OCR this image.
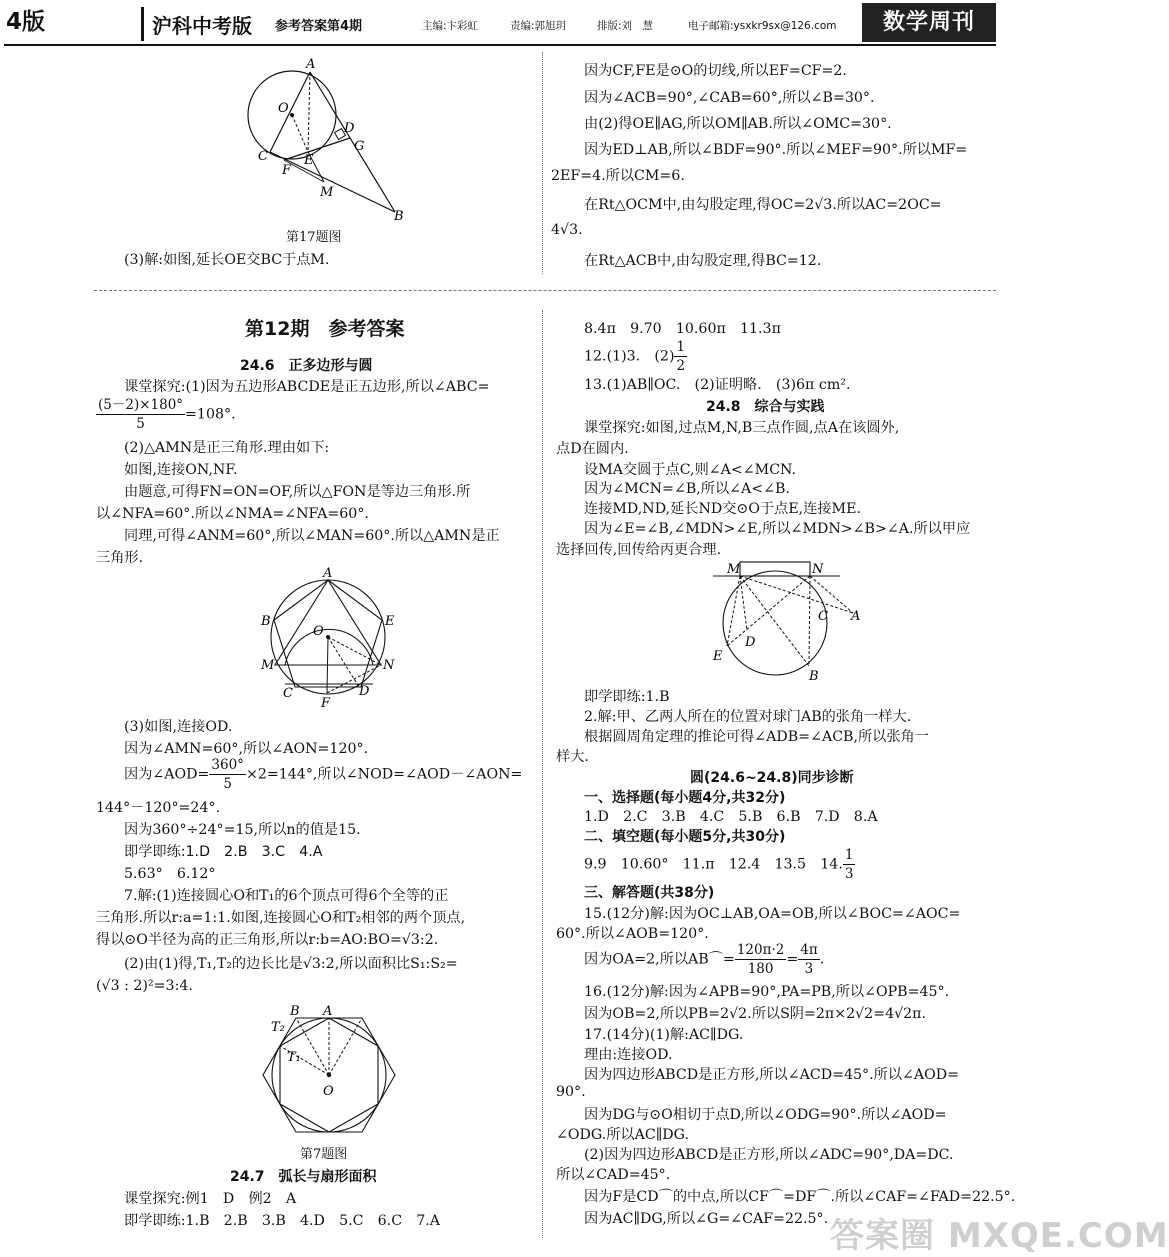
4版	沪科中考版 参考答案第4期	主编:卞彩虹	责编:郭旭玥	排版:刘　慧	电子邮箱:ysxkr9sx@126.com	数学周刊
A
O
D
G
C
F
E
M
B
第17题图
(3)解:如图,延长OE交BC于点M.
因为CF,FE是⊙O的切线,所以EF=CF=2.
因为∠ACB=90°,∠CAB=60°,所以∠B=30°.
由(2)得OE∥AG,所以OM∥AB.所以∠OMC=30°.
因为ED⊥AB,所以∠BDF=90°.所以∠MEF=90°.所以MF=
2EF=4.所以CM=6.
在Rt△OCM中,由勾股定理,得OC=2√3.所以AC=2OC=
4√3.
在Rt△ACB中,由勾股定理,得BC=12.
第12期　参考答案
24.6　正多边形与圆
课堂探究:(1)因为五边形ABCDE是正五边形,所以∠ABC=
$\frac{(5-2)\times 180^\circ}{5} =108^\circ$.
(2)△AMN是正三角形.理由如下:
如图,连接ON,NF.
由题意,可得FN=ON=OF,所以△FON是等边三角形.所
以∠NFA=60°.所以∠NMA=∠NFA=60°.
同理,可得∠ANM=60°,所以∠MAN=60°.所以△AMN是正
三角形.
A
B	E
O
M	N
C
F
D
(3)如图,连接OD.
因为∠AMN=60°,所以∠AON=120°.
因为∠AOD= $\frac{360^\circ}{5} \times 2=144^\circ$,所以∠NOD=∠AOD－∠AON=
144°－120°=24°.
因为360°÷24°=15,所以n的值是15.
即学即练:1.D　2.B　3.C　4.A
5.63°　6.12°
7.解:(1)连接圆心O和T₁的6个顶点可得6个全等的正
三角形.所以r:a=1:1.如图,连接圆心O和T₂相邻的两个顶点,
得以⊙O半径为高的正三角形,所以r:b=AO:BO=√3:2.
(2)由(1)得,T₁,T₂的边长比是√3:2,所以面积比S₁:S₂=
(√3 : 2)²=3:4.
B A
T₂
T₁
O
第7题图
24.7　弧长与扇形面积
课堂探究:例1　D　例2　A
即学即练:1.B　2.B　3.B　4.D　5.C　6.C　7.A
8.4π　9.70　10.60π　11.3π
12.(1)3.　$(2) \frac{1}{2}$
13.(1)AB∥OC.　(2)证明略.　(3)6π cm².
24.8　综合与实践
课堂探究:如图,过点M,N,B三点作圆,点A在该圆外,
点D在圆内.
设MA交圆于点C,则∠A<∠MCN.
因为∠MCN=∠B,所以∠A<∠B.
连接MD,ND,延长ND交⊙O于点E,连接ME.
因为∠E=∠B,∠MDN>∠E,所以∠MDN>∠B>∠A.所以甲应
选择回传,回传给丙更合理.
M	N
C A
D
E
B
即学即练:1.B
2.解:甲、乙两人所在的位置对球门AB的张角一样大.
根据圆周角定理的推论可得∠ADB=∠ACB,所以张角一
样大.
圆(24.6~24.8)同步诊断
一、选择题(每小题4分,共32分)
1.D　2.C　3.B　4.C　5.B　6.B　7.D　8.A
二、填空题(每小题5分,共30分)
9.9　10.60°　11.π　12.4　13.5　14. $\frac{1}{3}$
三、解答题(共38分)
15.(12分)解:因为OC⊥AB,OA=OB,所以∠BOC=∠AOC=
60°.所以∠AOB=120°.
因为OA=2,所以AB⌒= $\frac{120\pi\cdot 2}{180} = \frac{4\pi}{3}$ .
16.(12分)解:因为∠APB=90°,PA=PB,所以∠OPB=45°.
因为OB=2,所以PB=2√2.所以S阴=2π×2√2=4√2π.
17.(14分)(1)解:AC∥DG.
理由:连接OD.
因为四边形ABCD是正方形,所以∠ACD=45°.所以∠AOD=
90°.
因为DG与⊙O相切于点D,所以∠ODG=90°.所以∠AOD=
∠ODG.所以AC∥DG.
(2)因为四边形ABCD是正方形,所以∠ADC=90°,DA=DC.
所以∠CAD=45°.
因为F是CD⌒的中点,所以CF⌒=DF⌒.所以∠CAF=∠FAD=22.5°.
因为AC∥DG,所以∠G=∠CAF=22.5°. 答案圈 MXQE.COM
